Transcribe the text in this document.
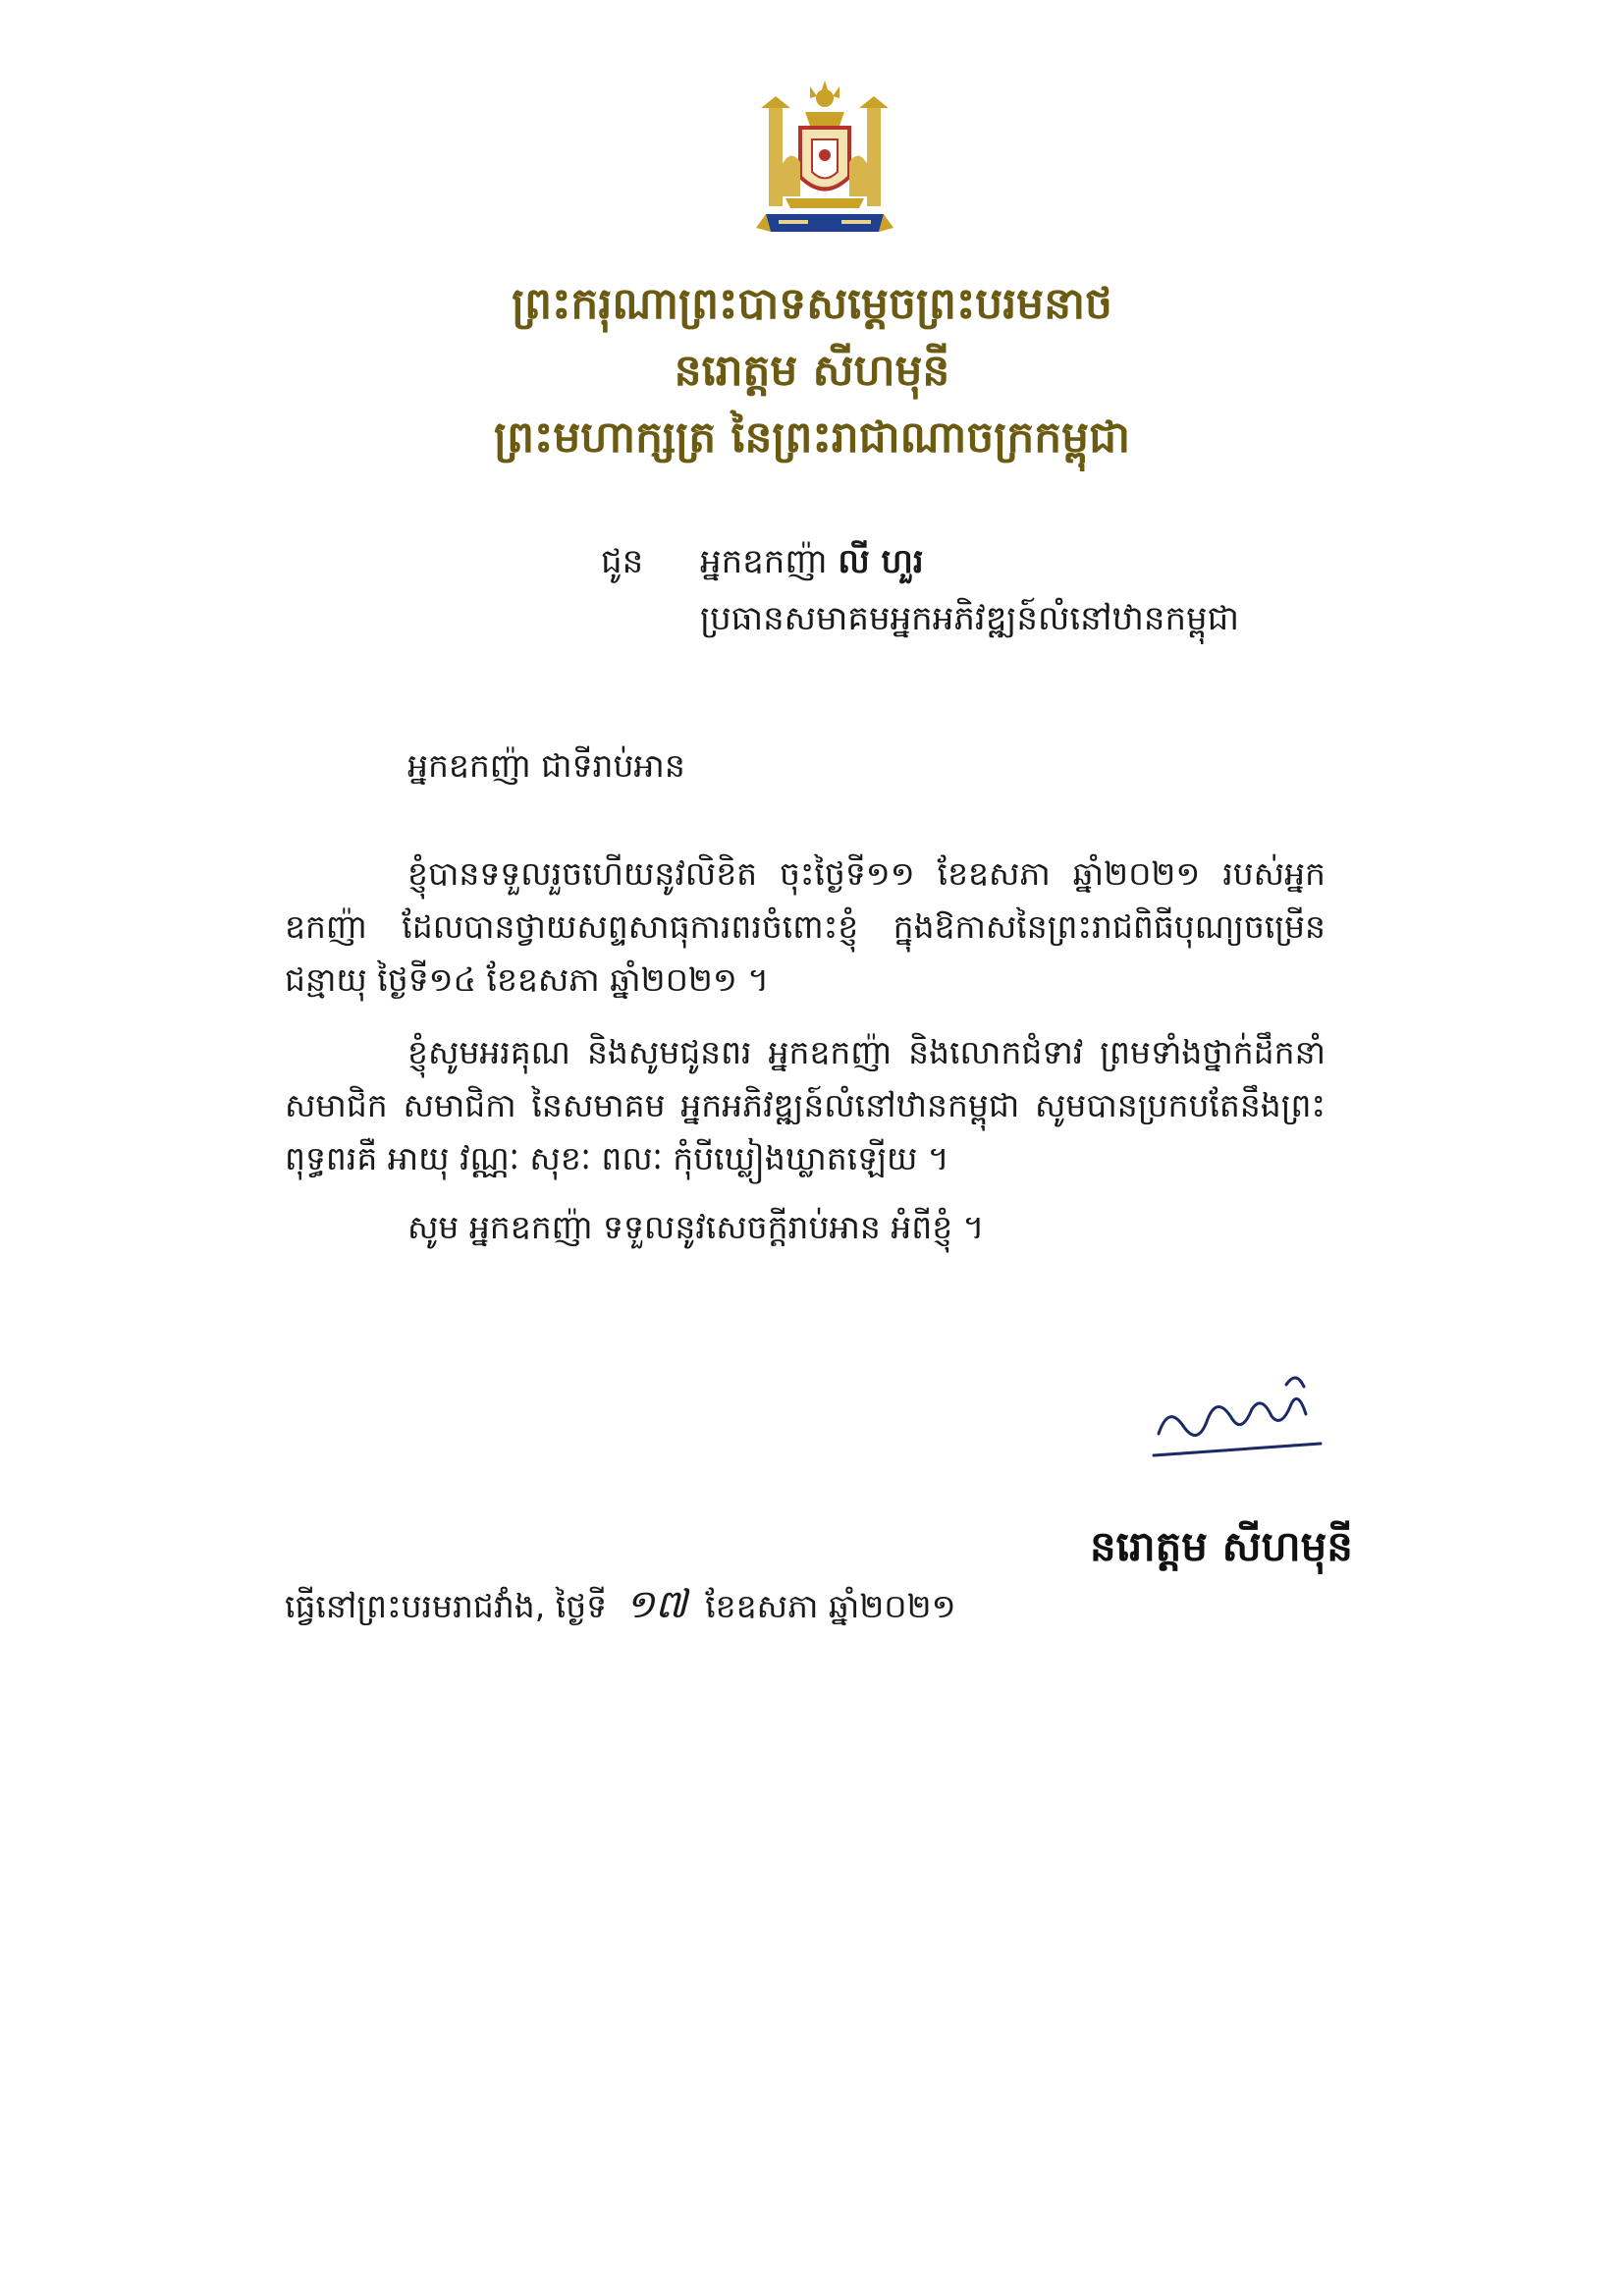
ព្រះករុណាព្រះបាទសម្តេចព្រះបរមនាថ
នរោត្តម សីហមុនី
ព្រះមហាក្សត្រ នៃព្រះរាជាណាចក្រកម្ពុជា
ជូន អ្នកឧកញ៉ា លី ហួរ
ប្រធានសមាគមអ្នកអភិវឌ្ឍន៍លំនៅឋានកម្ពុជា
អ្នកឧកញ៉ា ជាទីរាប់អាន

ខ្ញុំបានទទួលរួចហើយនូវលិខិត ចុះថ្ងៃទី១១ ខែឧសភា ឆ្នាំ២០២១ របស់អ្នកឧកញ៉ា ដែលបានថ្វាយសព្ទសាធុការពរចំពោះខ្ញុំ ក្នុងឱកាសនៃព្រះរាជពិធីបុណ្យចម្រើនជន្មាយុ ថ្ងៃទី១៤ ខែឧសភា ឆ្នាំ២០២១ ។

ខ្ញុំសូមអរគុណ និងសូមជូនពរ អ្នកឧកញ៉ា និងលោកជំទាវ ព្រមទាំងថ្នាក់ដឹកនាំ សមាជិក សមាជិកា នៃសមាគម អ្នកអភិវឌ្ឍន៍លំនៅឋានកម្ពុជា សូមបានប្រកបតែនឹងព្រះពុទ្ធពរគឺ អាយុ វណ្ណៈ សុខៈ ពលៈ កុំបីឃ្លៀងឃ្លាតឡើយ ។

សូម អ្នកឧកញ៉ា ទទួលនូវសេចក្តីរាប់អាន អំពីខ្ញុំ ។

នរោត្តម សីហមុនី
ធ្វើនៅព្រះបរមរាជវាំង, ថ្ងៃទី ១៧ ខែឧសភា ឆ្នាំ២០២១
